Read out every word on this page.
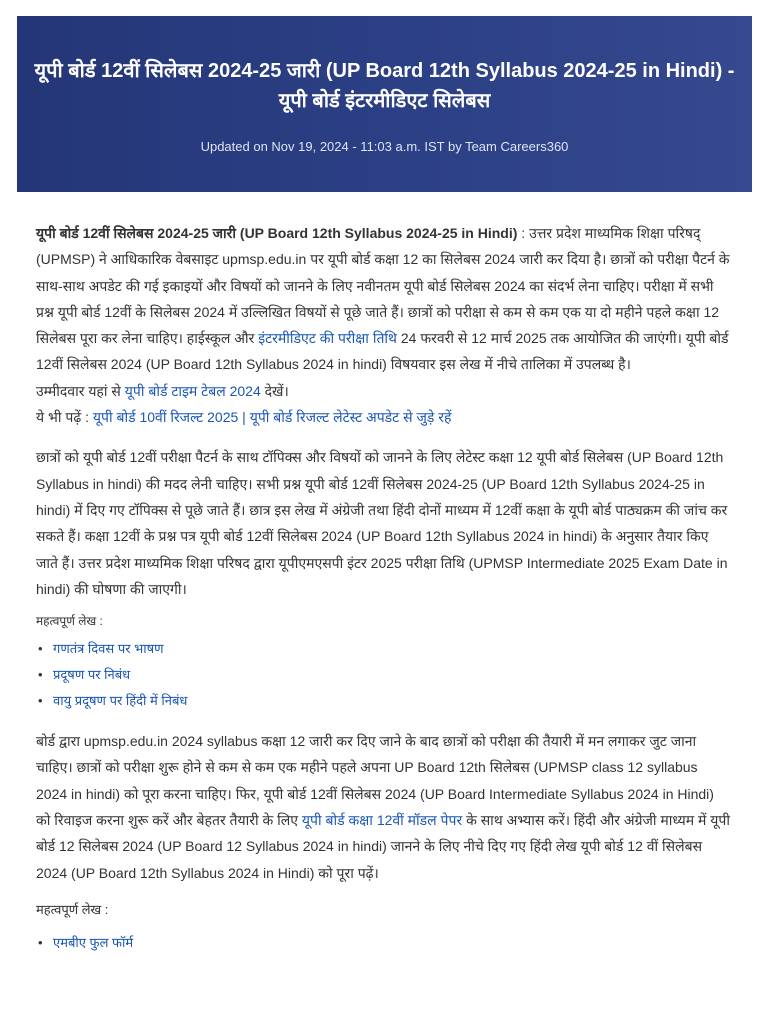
यूपी बोर्ड 12वीं सिलेबस 2024-25 जारी (UP Board 12th Syllabus 2024-25 in Hindi) - यूपी बोर्ड इंटरमीडिएट सिलेबस
Updated on Nov 19, 2024 - 11:03 a.m. IST by Team Careers360

यूपी बोर्ड 12वीं सिलेबस 2024-25 जारी (UP Board 12th Syllabus 2024-25 in Hindi) : उत्तर प्रदेश माध्यमिक शिक्षा परिषद् (UPMSP) ने आधिकारिक वेबसाइट upmsp.edu.in पर यूपी बोर्ड कक्षा 12 का सिलेबस 2024 जारी कर दिया है। छात्रों को परीक्षा पैटर्न के साथ-साथ अपडेट की गई इकाइयों और विषयों को जानने के लिए नवीनतम यूपी बोर्ड सिलेबस 2024 का संदर्भ लेना चाहिए। परीक्षा में सभी प्रश्न यूपी बोर्ड 12वीं के सिलेबस 2024 में उल्लिखित विषयों से पूछे जाते हैं। छात्रों को परीक्षा से कम से कम एक या दो महीने पहले कक्षा 12 सिलेबस पूरा कर लेना चाहिए। हाईस्कूल और इंटरमीडिएट की परीक्षा तिथि 24 फरवरी से 12 मार्च 2025 तक आयोजित की जाएंगी। यूपी बोर्ड 12वीं सिलेबस 2024 (UP Board 12th Syllabus 2024 in hindi) विषयवार इस लेख में नीचे तालिका में उपलब्ध है।

उम्मीदवार यहां से यूपी बोर्ड टाइम टेबल 2024 देखें।

ये भी पढ़ें : यूपी बोर्ड 10वीं रिजल्ट 2025 | यूपी बोर्ड रिजल्ट लेटेस्ट अपडेट से जुड़े रहें

छात्रों को यूपी बोर्ड 12वीं परीक्षा पैटर्न के साथ टॉपिक्स और विषयों को जानने के लिए लेटेस्ट कक्षा 12 यूपी बोर्ड सिलेबस (UP Board 12th Syllabus in hindi) की मदद लेनी चाहिए। सभी प्रश्न यूपी बोर्ड 12वीं सिलेबस 2024-25 (UP Board 12th Syllabus 2024-25 in hindi) में दिए गए टॉपिक्स से पूछे जाते हैं। छात्र इस लेख में अंग्रेजी तथा हिंदी दोनों माध्यम में 12वीं कक्षा के यूपी बोर्ड पाठ्यक्रम की जांच कर सकते हैं। कक्षा 12वीं के प्रश्न पत्र यूपी बोर्ड 12वीं सिलेबस 2024 (UP Board 12th Syllabus 2024 in hindi) के अनुसार तैयार किए जाते हैं। उत्तर प्रदेश माध्यमिक शिक्षा परिषद द्वारा यूपीएमएसपी इंटर 2025 परीक्षा तिथि (UPMSP Intermediate 2025 Exam Date in hindi) की घोषणा की जाएगी।

महत्वपूर्ण लेख :
• गणतंत्र दिवस पर भाषण
• प्रदूषण पर निबंध
• वायु प्रदूषण पर हिंदी में निबंध

बोर्ड द्वारा upmsp.edu.in 2024 syllabus कक्षा 12 जारी कर दिए जाने के बाद छात्रों को परीक्षा की तैयारी में मन लगाकर जुट जाना चाहिए। छात्रों को परीक्षा शुरू होने से कम से कम एक महीने पहले अपना UP Board 12th सिलेबस (UPMSP class 12 syllabus 2024 in hindi) को पूरा करना चाहिए। फिर, यूपी बोर्ड 12वीं सिलेबस 2024 (UP Board Intermediate Syllabus 2024 in Hindi) को रिवाइज करना शुरू करें और बेहतर तैयारी के लिए यूपी बोर्ड कक्षा 12वीं मॉडल पेपर के साथ अभ्यास करें। हिंदी और अंग्रेजी माध्यम में यूपी बोर्ड 12 सिलेबस 2024 (UP Board 12 Syllabus 2024 in hindi) जानने के लिए नीचे दिए गए हिंदी लेख यूपी बोर्ड 12 वीं सिलेबस 2024 (UP Board 12th Syllabus 2024 in Hindi) को पूरा पढ़ें।

महत्वपूर्ण लेख :
• एमबीए फुल फॉर्म
